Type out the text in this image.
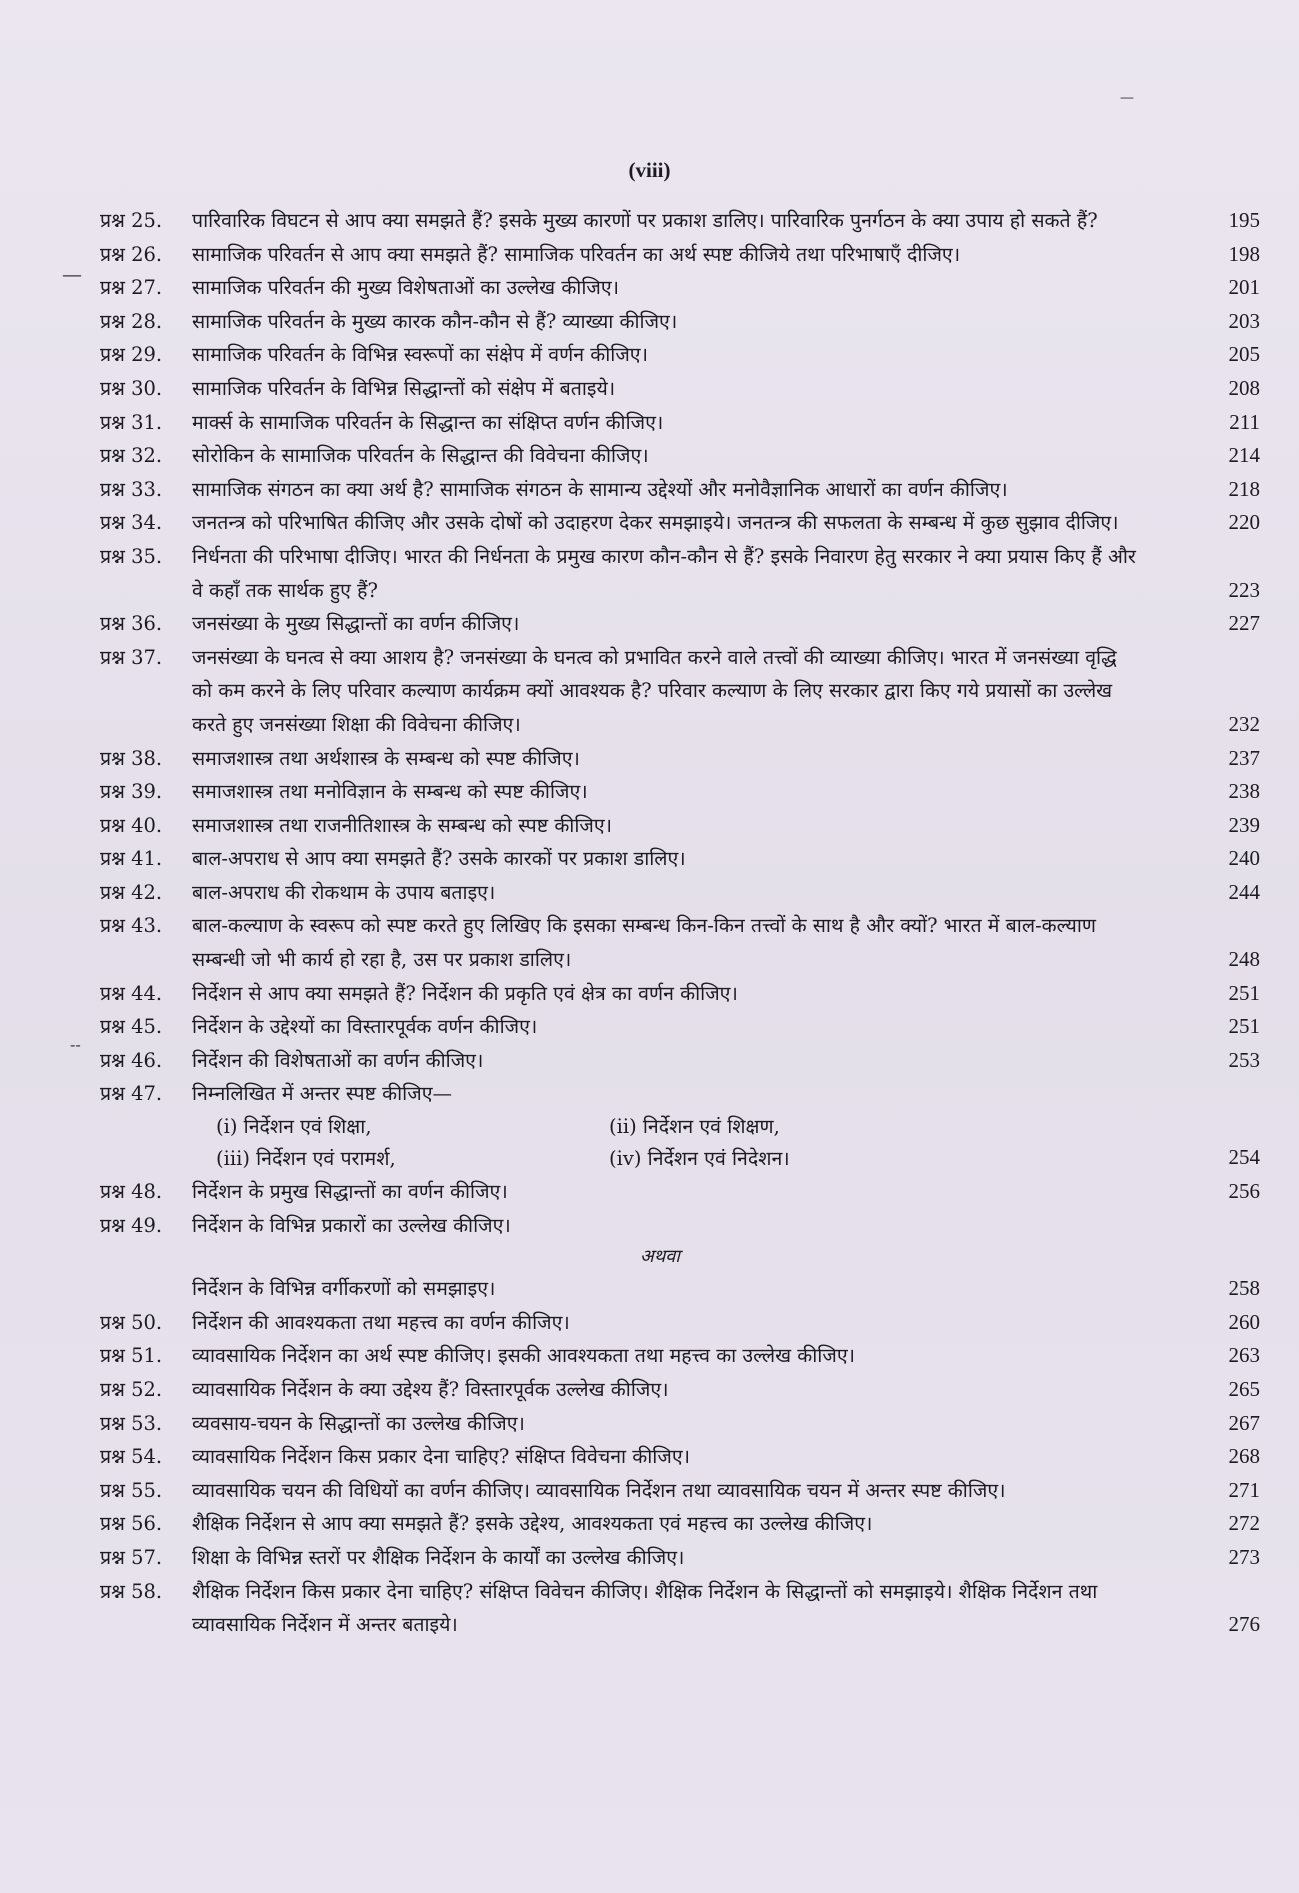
(viii)
प्रश्न 25.	पारिवारिक विघटन से आप क्या समझते हैं? इसके मुख्य कारणों पर प्रकाश डालिए। पारिवारिक पुनर्गठन के क्या उपाय हो सकते हैं?	195
प्रश्न 26.	सामाजिक परिवर्तन से आप क्या समझते हैं? सामाजिक परिवर्तन का अर्थ स्पष्ट कीजिये तथा परिभाषाएँ दीजिए।	198
प्रश्न 27.	सामाजिक परिवर्तन की मुख्य विशेषताओं का उल्लेख कीजिए।	201
प्रश्न 28.	सामाजिक परिवर्तन के मुख्य कारक कौन-कौन से हैं? व्याख्या कीजिए।	203
प्रश्न 29.	सामाजिक परिवर्तन के विभिन्न स्वरूपों का संक्षेप में वर्णन कीजिए।	205
प्रश्न 30.	सामाजिक परिवर्तन के विभिन्न सिद्धान्तों को संक्षेप में बताइये।	208
प्रश्न 31.	मार्क्स के सामाजिक परिवर्तन के सिद्धान्त का संक्षिप्त वर्णन कीजिए।	211
प्रश्न 32.	सोरोकिन के सामाजिक परिवर्तन के सिद्धान्त की विवेचना कीजिए।	214
प्रश्न 33.	सामाजिक संगठन का क्या अर्थ है? सामाजिक संगठन के सामान्य उद्देश्यों और मनोवैज्ञानिक आधारों का वर्णन कीजिए।	218
प्रश्न 34.	जनतन्त्र को परिभाषित कीजिए और उसके दोषों को उदाहरण देकर समझाइये। जनतन्त्र की सफलता के सम्बन्ध में कुछ सुझाव दीजिए।	220
प्रश्न 35.	निर्धनता की परिभाषा दीजिए। भारत की निर्धनता के प्रमुख कारण कौन-कौन से हैं? इसके निवारण हेतु सरकार ने क्या प्रयास किए हैं और वे कहाँ तक सार्थक हुए हैं?	223
प्रश्न 36.	जनसंख्या के मुख्य सिद्धान्तों का वर्णन कीजिए।	227
प्रश्न 37.	जनसंख्या के घनत्व से क्या आशय है? जनसंख्या के घनत्व को प्रभावित करने वाले तत्त्वों की व्याख्या कीजिए। भारत में जनसंख्या वृद्धि को कम करने के लिए परिवार कल्याण कार्यक्रम क्यों आवश्यक है? परिवार कल्याण के लिए सरकार द्वारा किए गये प्रयासों का उल्लेख करते हुए जनसंख्या शिक्षा की विवेचना कीजिए।	232
प्रश्न 38.	समाजशास्त्र तथा अर्थशास्त्र के सम्बन्ध को स्पष्ट कीजिए।	237
प्रश्न 39.	समाजशास्त्र तथा मनोविज्ञान के सम्बन्ध को स्पष्ट कीजिए।	238
प्रश्न 40.	समाजशास्त्र तथा राजनीतिशास्त्र के सम्बन्ध को स्पष्ट कीजिए।	239
प्रश्न 41.	बाल-अपराध से आप क्या समझते हैं? उसके कारकों पर प्रकाश डालिए।	240
प्रश्न 42.	बाल-अपराध की रोकथाम के उपाय बताइए।	244
प्रश्न 43.	बाल-कल्याण के स्वरूप को स्पष्ट करते हुए लिखिए कि इसका सम्बन्ध किन-किन तत्त्वों के साथ है और क्यों? भारत में बाल-कल्याण सम्बन्धी जो भी कार्य हो रहा है, उस पर प्रकाश डालिए।	248
प्रश्न 44.	निर्देशन से आप क्या समझते हैं? निर्देशन की प्रकृति एवं क्षेत्र का वर्णन कीजिए।	251
प्रश्न 45.	निर्देशन के उद्देश्यों का विस्तारपूर्वक वर्णन कीजिए।	251
प्रश्न 46.	निर्देशन की विशेषताओं का वर्णन कीजिए।	253
प्रश्न 47.	निम्नलिखित में अन्तर स्पष्ट कीजिए—
(i) निर्देशन एवं शिक्षा,	(ii) निर्देशन एवं शिक्षण,
(iii) निर्देशन एवं परामर्श,	(iv) निर्देशन एवं निदेशन।	254
प्रश्न 48.	निर्देशन के प्रमुख सिद्धान्तों का वर्णन कीजिए।	256
प्रश्न 49.	निर्देशन के विभिन्न प्रकारों का उल्लेख कीजिए।
अथवा
निर्देशन के विभिन्न वर्गीकरणों को समझाइए।	258
प्रश्न 50.	निर्देशन की आवश्यकता तथा महत्त्व का वर्णन कीजिए।	260
प्रश्न 51.	व्यावसायिक निर्देशन का अर्थ स्पष्ट कीजिए। इसकी आवश्यकता तथा महत्त्व का उल्लेख कीजिए।	263
प्रश्न 52.	व्यावसायिक निर्देशन के क्या उद्देश्य हैं? विस्तारपूर्वक उल्लेख कीजिए।	265
प्रश्न 53.	व्यवसाय-चयन के सिद्धान्तों का उल्लेख कीजिए।	267
प्रश्न 54.	व्यावसायिक निर्देशन किस प्रकार देना चाहिए? संक्षिप्त विवेचना कीजिए।	268
प्रश्न 55.	व्यावसायिक चयन की विधियों का वर्णन कीजिए। व्यावसायिक निर्देशन तथा व्यावसायिक चयन में अन्तर स्पष्ट कीजिए।	271
प्रश्न 56.	शैक्षिक निर्देशन से आप क्या समझते हैं? इसके उद्देश्य, आवश्यकता एवं महत्त्व का उल्लेख कीजिए।	272
प्रश्न 57.	शिक्षा के विभिन्न स्तरों पर शैक्षिक निर्देशन के कार्यों का उल्लेख कीजिए।	273
प्रश्न 58.	शैक्षिक निर्देशन किस प्रकार देना चाहिए? संक्षिप्त विवेचन कीजिए। शैक्षिक निर्देशन के सिद्धान्तों को समझाइये। शैक्षिक निर्देशन तथा व्यावसायिक निर्देशन में अन्तर बताइये।	276
—
--
—
